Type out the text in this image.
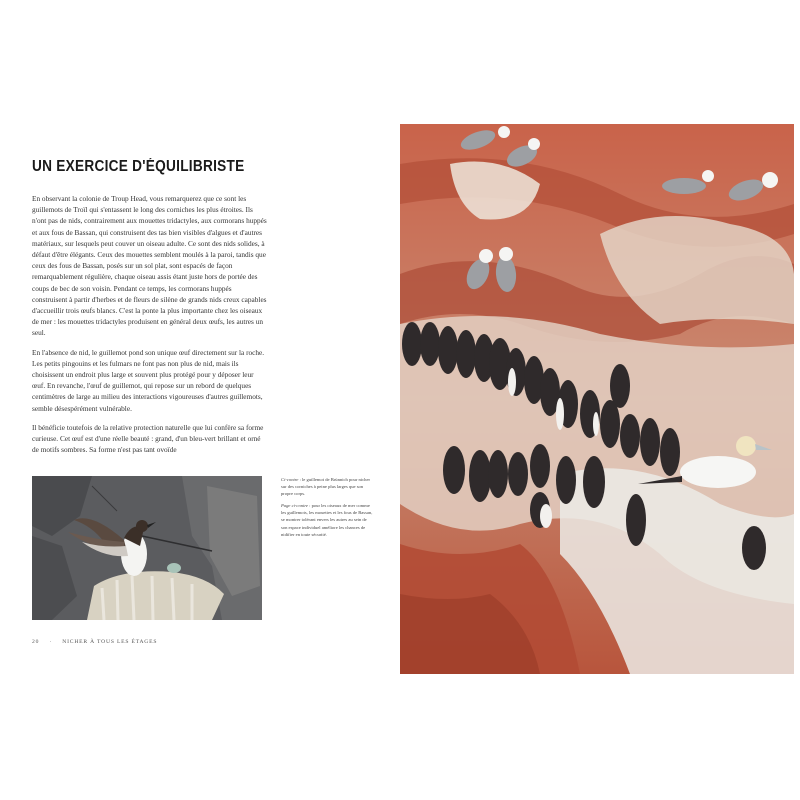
UN EXERCICE D'ÉQUILIBRISTE

En observant la colonie de Troup Head, vous remarquerez que ce sont les guillemots de Troïl qui s'entassent le long des corniches les plus étroites. Ils n'ont pas de nids, contrairement aux mouettes tridactyles, aux cormorans huppés et aux fous de Bassan, qui construisent des tas bien visibles d'algues et d'autres matériaux, sur lesquels peut couver un oiseau adulte. Ce sont des nids solides, à défaut d'être élégants. Ceux des mouettes semblent moulés à la paroi, tandis que ceux des fous de Bassan, posés sur un sol plat, sont espacés de façon remarquablement régulière, chaque oiseau assis étant juste hors de portée des coups de bec de son voisin. Pendant ce temps, les cormorans huppés construisent à partir d'herbes et de fleurs de silène de grands nids creux capables d'accueillir trois œufs blancs. C'est la ponte la plus importante chez les oiseaux de mer : les mouettes tridactyles produisent en général deux œufs, les autres un seul.

En l'absence de nid, le guillemot pond son unique œuf directement sur la roche. Les petits pingouins et les fulmars ne font pas non plus de nid, mais ils choisissent un endroit plus large et souvent plus protégé pour y déposer leur œuf. En revanche, l'œuf de guillemot, qui repose sur un rebord de quelques centimètres de large au milieu des interactions vigoureuses d'autres guillemots, semble désespérément vulnérable.

Il bénéficie toutefois de la relative protection naturelle que lui confère sa forme curieuse. Cet œuf est d'une réelle beauté : grand, d'un bleu-vert brillant et orné de motifs sombres. Sa forme n'est pas tant ovoïde

Ci-contre : le guillemot de Brünnich pour nicher sur des corniches à peine plus larges que son propre corps.

Page ci-contre : pour les oiseaux de mer comme les guillemots, les mouettes et les fous de Bassan, se montrer tolérant envers les autres au sein de son espace individuel améliore les chances de nidifier en toute sécurité.

20 · NICHER À TOUS LES ÉTAGES
